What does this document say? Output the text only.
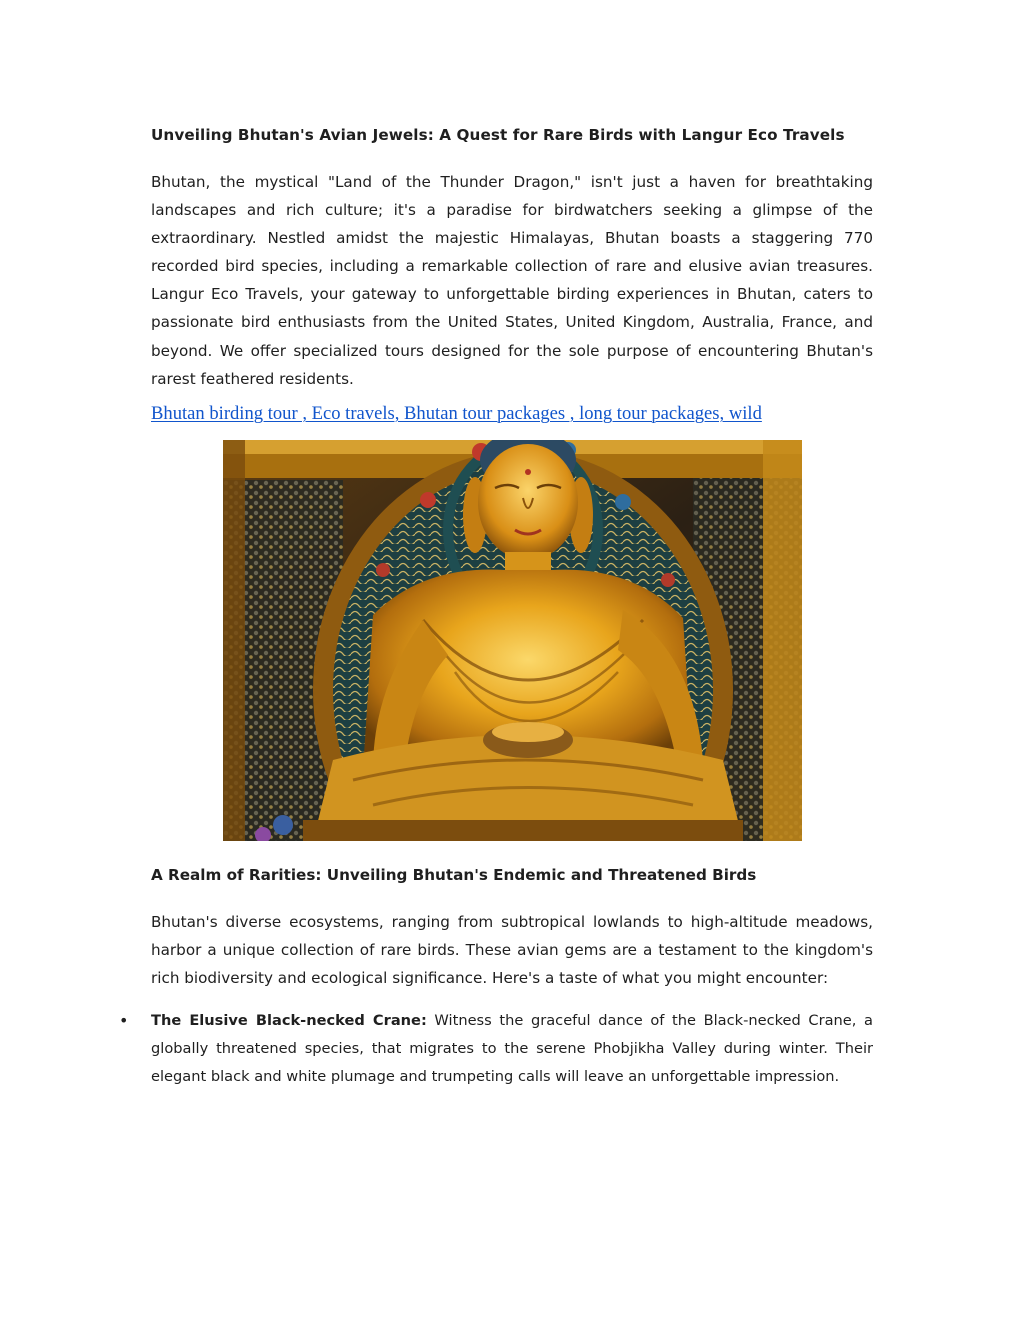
Unveiling Bhutan's Avian Jewels: A Quest for Rare Birds with Langur Eco Travels

Bhutan, the mystical "Land of the Thunder Dragon," isn't just a haven for breathtaking landscapes and rich culture; it's a paradise for birdwatchers seeking a glimpse of the extraordinary. Nestled amidst the majestic Himalayas, Bhutan boasts a staggering 770 recorded bird species, including a remarkable collection of rare and elusive avian treasures. Langur Eco Travels, your gateway to unforgettable birding experiences in Bhutan, caters to passionate bird enthusiasts from the United States, United Kingdom, Australia, France, and beyond. We offer specialized tours designed for the sole purpose of encountering Bhutan's rarest feathered residents.

Bhutan birding tour , Eco travels, Bhutan tour packages , long tour packages, wild
A Realm of Rarities: Unveiling Bhutan's Endemic and Threatened Birds

Bhutan's diverse ecosystems, ranging from subtropical lowlands to high-altitude meadows, harbor a unique collection of rare birds. These avian gems are a testament to the kingdom's rich biodiversity and ecological significance. Here's a taste of what you might encounter:

• The Elusive Black-necked Crane: Witness the graceful dance of the Black-necked Crane, a globally threatened species, that migrates to the serene Phobjikha Valley during winter. Their elegant black and white plumage and trumpeting calls will leave an unforgettable impression.
